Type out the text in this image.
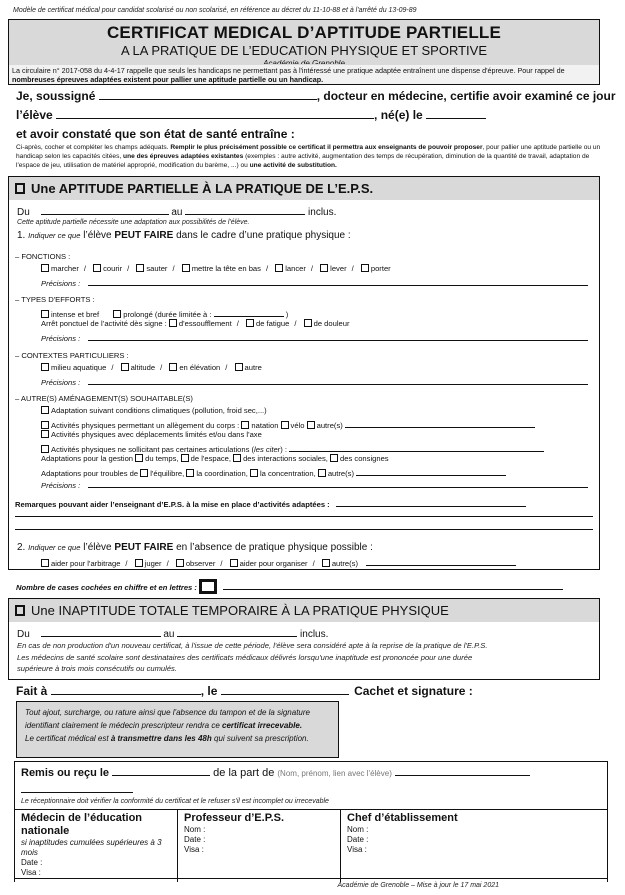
Modèle de certificat médical pour candidat scolarisé ou non scolarisé, en référence au décret du 11-10-88 et à l'arrêté du 13-09-89
CERTIFICAT MEDICAL D’APTITUDE PARTIELLE
A LA PRATIQUE DE L’EDUCATION PHYSIQUE ET SPORTIVE
La circulaire n° 2017-058 du 4-4-17 rappelle que seuls les handicaps ne permettant pas à l'intéressé une pratique adaptée entraînent une dispense d'épreuve. Pour rappel de
nombreuses épreuves adaptées existent pour pallier une aptitude partielle ou un handicap.
Je, soussigné	, docteur en médecine, certifie avoir examiné ce jour
l’élève	, né(e) le
et avoir constaté que son état de santé entraîne :
Ci-après, cocher et compléter les champs adéquats. Remplir le plus précisément possible ce certificat il permettra aux enseignants de pouvoir proposer, pour pallier une aptitude partielle ou un handicap selon les capacités citées, une des épreuves adaptées existantes (exemples : autre activité, augmentation des temps de récupération, diminution de la quantité de travail, adaptation de l'espace de jeu, utilisation de matériel approprié, modification du barème, ...) ou une activité de substitution.
Une APTITUDE PARTIELLE À LA PRATIQUE DE L’E.P.S.
Du	au	inclus.
Cette aptitude partielle nécessite une adaptation aux possibilités de l'élève.
1. Indiquer ce que l’élève PEUT FAIRE dans le cadre d’une pratique physique :
– FONCTIONS :
marcher / courir / sauter / mettre la tête en bas / lancer / lever / porter
Précisions :
– TYPES D'EFFORTS :
intense et bref	prolongé (durée limitée à :	)
Arrêt ponctuel de l’activité dès signe : d'essoufflement / de fatigue / de douleur
Précisions :
– CONTEXTES PARTICULIERS :
milieu aquatique / altitude / en élévation / autre
Précisions :
– AUTRE(S) AMÉNAGEMENT(S) SOUHAITABLE(S)
Adaptation suivant conditions climatiques (pollution, froid sec,...)
Activités physiques permettant un allègement du corps : natation vélo autre(s)
Activités physiques avec déplacements limités et/ou dans l'axe
Activités physiques ne sollicitant pas certaines articulations (les citer) :
Adaptations pour la gestion du temps, de l'espace, des interactions sociales, des consignes
Adaptations pour troubles de l'équilibre, la coordination, la concentration, autre(s)
Précisions :
Remarques pouvant aider l’enseignant d’E.P.S. à la mise en place d’activités adaptées :
2. Indiquer ce que l’élève PEUT FAIRE en l’absence de pratique physique possible :
aider pour l'arbitrage / juger / observer / aider pour organiser / autre(s)
Nombre de cases cochées en chiffre et en lettres :
Une INAPTITUDE TOTALE TEMPORAIRE À LA PRATIQUE PHYSIQUE
Du	au	inclus.
En cas de non production d'un nouveau certificat, à l'issue de cette période, l'élève sera considéré apte à la reprise de la pratique de l'E.P.S.
Les médecins de santé scolaire sont destinataires des certificats médicaux délivrés lorsqu'une inaptitude est prononcée pour une durée
supérieure à trois mois consécutifs ou cumulés.
Fait à	, le	Cachet et signature :
Tout ajout, surcharge, ou rature ainsi que l'absence du tampon et de la signature
identifiant clairement le médecin prescripteur rendra ce certificat irrecevable.
Le certificat médical est à transmettre dans les 48h qui suivent sa prescription.
Remis ou reçu le	de la part de (Nom, prénom, lien avec l'élève)
Le réceptionnaire doit vérifier la conformité du certificat et le refuser s'il est incomplet ou irrecevable
Médecin de l’éducation nationale
si inaptitudes cumulées supérieures à 3 mois
Date :
Visa :
Professeur d’E.P.S.
Nom :
Date :
Visa :
Chef d’établissement
Nom :
Date :
Visa :
Académie de Grenoble – Mise à jour le 17 mai 2021
